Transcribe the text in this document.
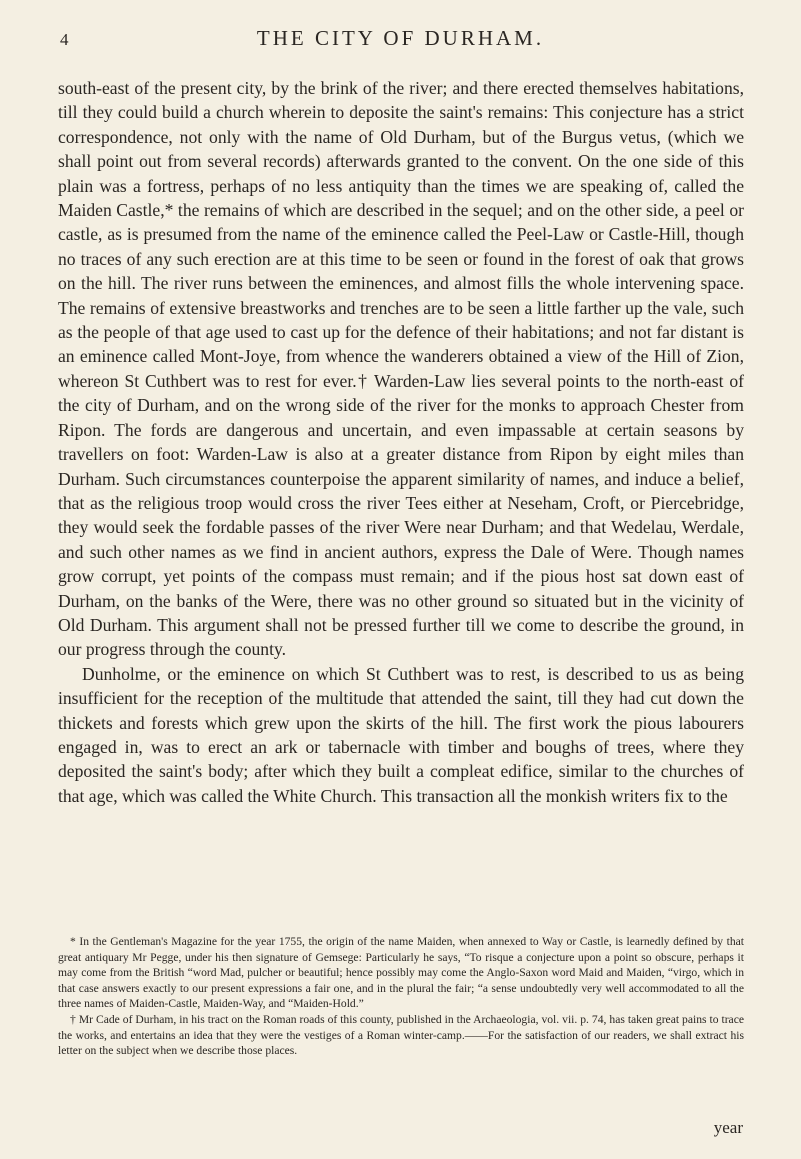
4	THE CITY OF DURHAM.

south-east of the present city, by the brink of the river; and there erected themselves habitations, till they could build a church wherein to deposite the saint's remains: This conjecture has a strict correspondence, not only with the name of Old Durham, but of the Burgus vetus, (which we shall point out from several records) afterwards granted to the convent. On the one side of this plain was a fortress, perhaps of no less antiquity than the times we are speaking of, called the Maiden Castle,* the remains of which are described in the sequel; and on the other side, a peel or castle, as is presumed from the name of the eminence called the Peel-Law or Castle-Hill, though no traces of any such erection are at this time to be seen or found in the forest of oak that grows on the hill. The river runs between the eminences, and almost fills the whole intervening space. The remains of extensive breastworks and trenches are to be seen a little farther up the vale, such as the people of that age used to cast up for the defence of their habitations; and not far distant is an eminence called Mont-Joye, from whence the wanderers obtained a view of the Hill of Zion, whereon St Cuthbert was to rest for ever.† Warden-Law lies several points to the north-east of the city of Durham, and on the wrong side of the river for the monks to approach Chester from Ripon. The fords are dangerous and uncertain, and even impassable at certain seasons by travellers on foot: Warden-Law is also at a greater distance from Ripon by eight miles than Durham. Such circumstances counterpoise the apparent similarity of names, and induce a belief, that as the religious troop would cross the river Tees either at Neseham, Croft, or Piercebridge, they would seek the fordable passes of the river Were near Durham; and that Wedelau, Werdale, and such other names as we find in ancient authors, express the Dale of Were. Though names grow corrupt, yet points of the compass must remain; and if the pious host sat down east of Durham, on the banks of the Were, there was no other ground so situated but in the vicinity of Old Durham. This argument shall not be pressed further till we come to describe the ground, in our progress through the county.

Dunholme, or the eminence on which St Cuthbert was to rest, is described to us as being insufficient for the reception of the multitude that attended the saint, till they had cut down the thickets and forests which grew upon the skirts of the hill. The first work the pious labourers engaged in, was to erect an ark or tabernacle with timber and boughs of trees, where they deposited the saint's body; after which they built a compleat edifice, similar to the churches of that age, which was called the White Church. This transaction all the monkish writers fix to the

* In the Gentleman's Magazine for the year 1755, the origin of the name Maiden, when annexed to Way or Castle, is learnedly defined by that great antiquary Mr Pegge, under his then signature of Gemsege: Particularly he says, “To risque a conjecture upon a point so obscure, perhaps it may come from the British “word Mad, pulcher or beautiful; hence possibly may come the Anglo-Saxon word Maid and Maiden, “virgo, which in that case answers exactly to our present expressions a fair one, and in the plural the fair; “a sense undoubtedly very well accommodated to all the three names of Maiden-Castle, Maiden-Way, and “Maiden-Hold.”

† Mr Cade of Durham, in his tract on the Roman roads of this county, published in the Archaeologia, vol. vii. p. 74, has taken great pains to trace the works, and entertains an idea that they were the vestiges of a Roman winter-camp.——For the satisfaction of our readers, we shall extract his letter on the subject when we describe those places.

year
